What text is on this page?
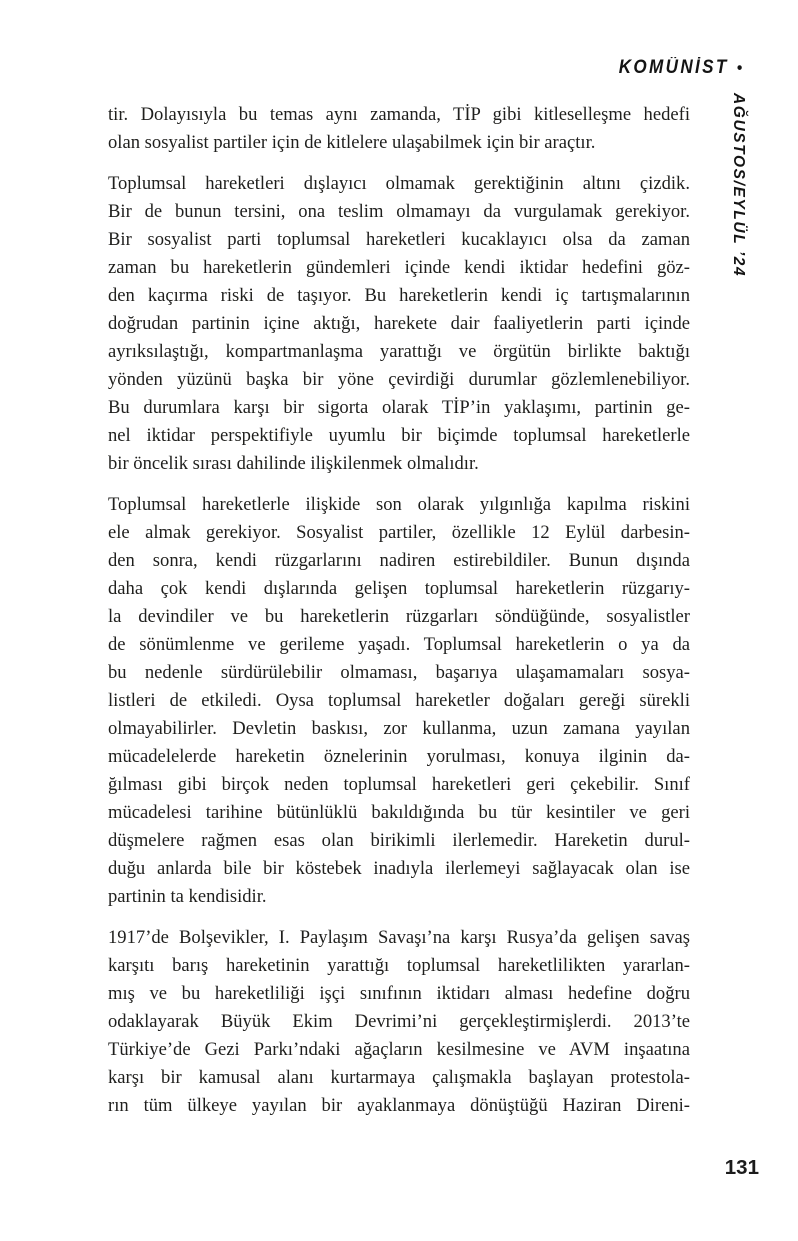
KOMÜNİST •
AĞUSTOS/EYLÜL ’24
tir. Dolayısıyla bu temas aynı zamanda, TİP gibi kitleselleşme hedefi
olan sosyalist partiler için de kitlelere ulaşabilmek için bir araçtır.
Toplumsal hareketleri dışlayıcı olmamak gerektiğinin altını çizdik.
Bir de bunun tersini, ona teslim olmamayı da vurgulamak gerekiyor.
Bir sosyalist parti toplumsal hareketleri kucaklayıcı olsa da zaman
zaman bu hareketlerin gündemleri içinde kendi iktidar hedefini göz-
den kaçırma riski de taşıyor. Bu hareketlerin kendi iç tartışmalarının
doğrudan partinin içine aktığı, harekete dair faaliyetlerin parti içinde
ayrıksılaştığı, kompartmanlaşma yarattığı ve örgütün birlikte baktığı
yönden yüzünü başka bir yöne çevirdiği durumlar gözlemlenebiliyor.
Bu durumlara karşı bir sigorta olarak TİP’in yaklaşımı, partinin ge-
nel iktidar perspektifiyle uyumlu bir biçimde toplumsal hareketlerle
bir öncelik sırası dahilinde ilişkilenmek olmalıdır.
Toplumsal hareketlerle ilişkide son olarak yılgınlığa kapılma riskini
ele almak gerekiyor. Sosyalist partiler, özellikle 12 Eylül darbesin-
den sonra, kendi rüzgarlarını nadiren estirebildiler. Bunun dışında
daha çok kendi dışlarında gelişen toplumsal hareketlerin rüzgarıy-
la devindiler ve bu hareketlerin rüzgarları söndüğünde, sosyalistler
de sönümlenme ve gerileme yaşadı. Toplumsal hareketlerin o ya da
bu nedenle sürdürülebilir olmaması, başarıya ulaşamamaları sosya-
listleri de etkiledi. Oysa toplumsal hareketler doğaları gereği sürekli
olmayabilirler. Devletin baskısı, zor kullanma, uzun zamana yayılan
mücadelelerde hareketin öznelerinin yorulması, konuya ilginin da-
ğılması gibi birçok neden toplumsal hareketleri geri çekebilir. Sınıf
mücadelesi tarihine bütünlüklü bakıldığında bu tür kesintiler ve geri
düşmelere rağmen esas olan birikimli ilerlemedir. Hareketin durul-
duğu anlarda bile bir köstebek inadıyla ilerlemeyi sağlayacak olan ise
partinin ta kendisidir.
1917’de Bolşevikler, I. Paylaşım Savaşı’na karşı Rusya’da gelişen savaş
karşıtı barış hareketinin yarattığı toplumsal hareketlilikten yararlan-
mış ve bu hareketliliği işçi sınıfının iktidarı alması hedefine doğru
odaklayarak Büyük Ekim Devrimi’ni gerçekleştirmişlerdi. 2013’te
Türkiye’de Gezi Parkı’ndaki ağaçların kesilmesine ve AVM inşaatına
karşı bir kamusal alanı kurtarmaya çalışmakla başlayan protestola-
rın tüm ülkeye yayılan bir ayaklanmaya dönüştüğü Haziran Direni-
131
